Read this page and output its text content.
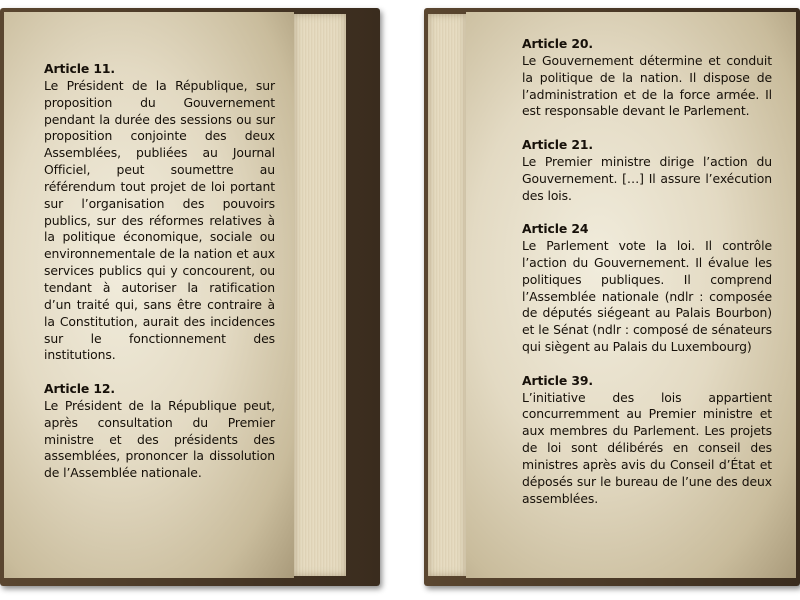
Article 11.

Le Président de la République, sur proposition du Gouvernement pendant la durée des sessions ou sur proposition conjointe des deux Assemblées, publiées au Journal Officiel, peut soumettre au référendum tout projet de loi portant sur l’organisation des pouvoirs publics, sur des réformes relatives à la politique économique, sociale ou environnementale de la nation et aux services publics qui y concourent, ou tendant à autoriser la ratification d’un traité qui, sans être contraire à la Constitution, aurait des incidences sur le fonctionnement des institutions.

Article 12.

Le Président de la République peut, après consultation du Premier ministre et des présidents des assemblées, prononcer la dissolution de l’Assemblée nationale.

Article 20.

Le Gouvernement détermine et conduit la politique de la nation. Il dispose de l’administration et de la force armée. Il est responsable devant le Parlement.

Article 21.

Le Premier ministre dirige l’action du Gouvernement. […] Il assure l’exécution des lois.

Article 24

Le Parlement vote la loi. Il contrôle l’action du Gouvernement. Il évalue les politiques publiques. Il comprend l’Assemblée nationale (ndlr : composée de députés siégeant au Palais Bourbon) et le Sénat (ndlr : composé de sénateurs qui siègent au Palais du Luxembourg)

Article 39.

L’initiative des lois appartient concurremment au Premier ministre et aux membres du Parlement. Les projets de loi sont délibérés en conseil des ministres après avis du Conseil d’État et déposés sur le bureau de l’une des deux assemblées.
